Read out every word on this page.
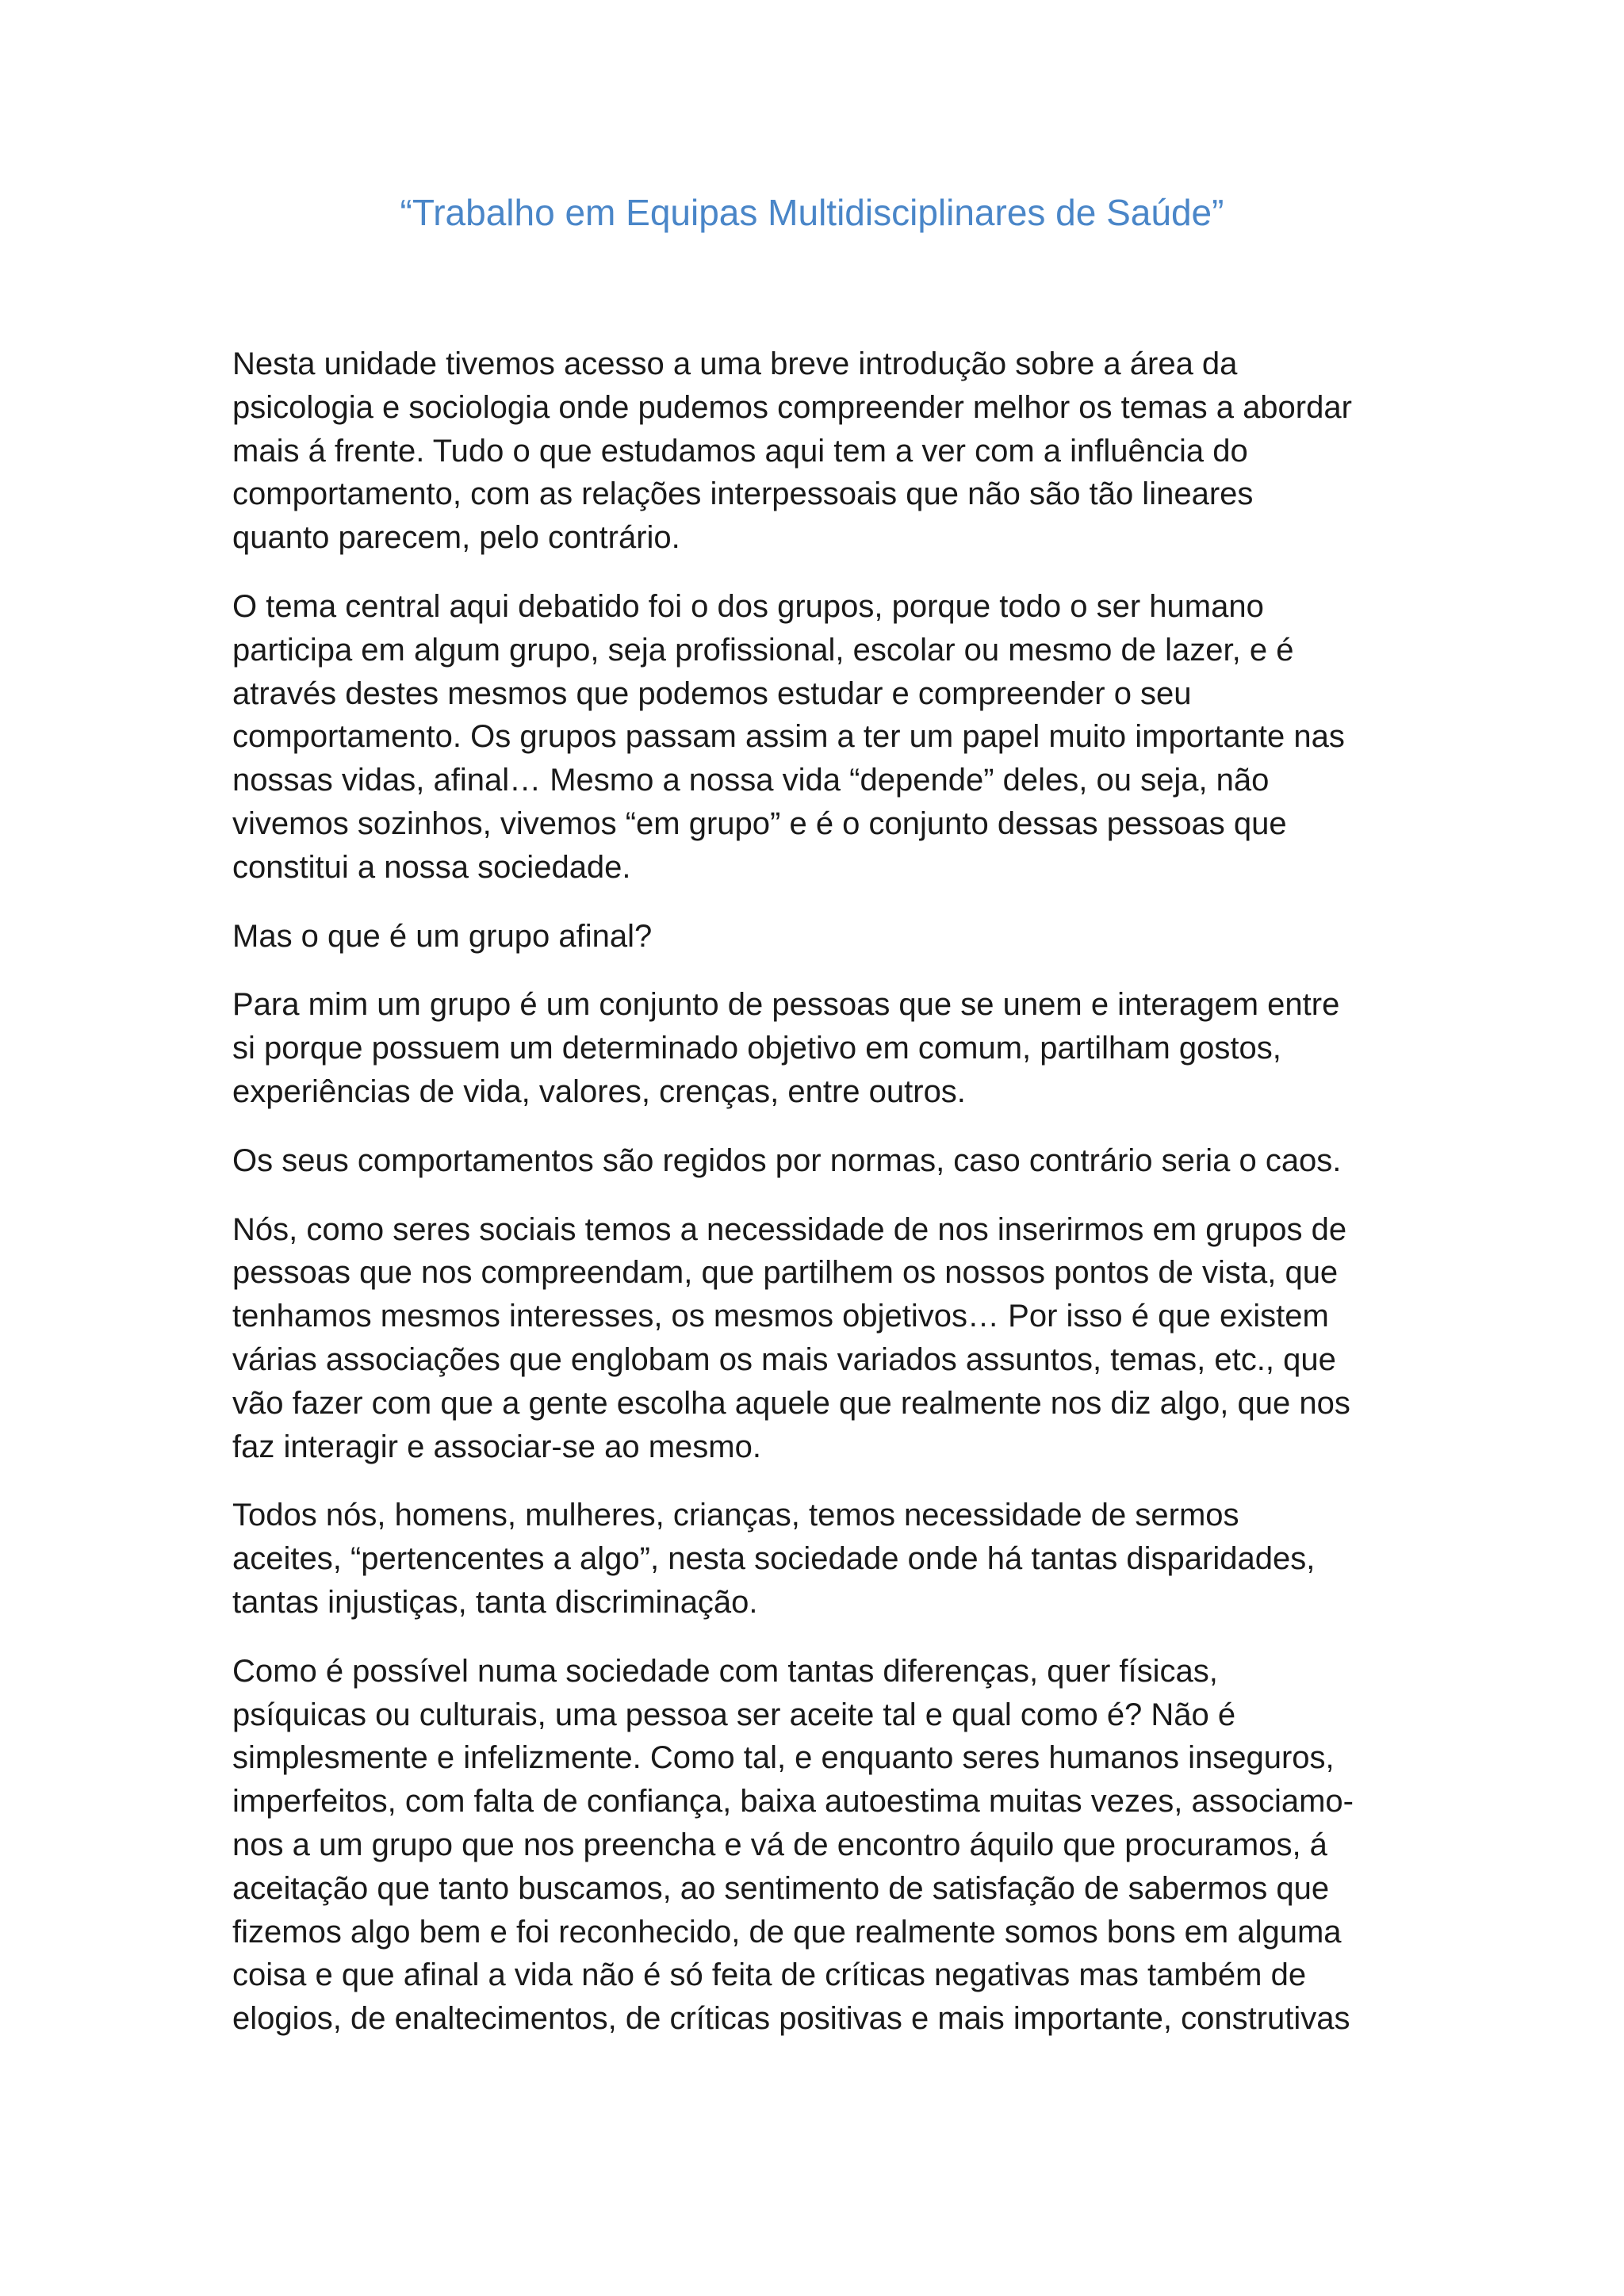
“Trabalho em Equipas Multidisciplinares de Saúde”
Nesta unidade tivemos acesso a uma breve introdução sobre a área da
psicologia e sociologia onde pudemos compreender melhor os temas a abordar
mais á frente. Tudo o que estudamos aqui tem a ver com a influência do
comportamento, com as relações interpessoais que não são tão lineares
quanto parecem, pelo contrário.
O tema central aqui debatido foi o dos grupos, porque todo o ser humano
participa em algum grupo, seja profissional, escolar ou mesmo de lazer, e é
através destes mesmos que podemos estudar e compreender o seu
comportamento. Os grupos passam assim a ter um papel muito importante nas
nossas vidas, afinal… Mesmo a nossa vida “depende” deles, ou seja, não
vivemos sozinhos, vivemos “em grupo” e é o conjunto dessas pessoas que
constitui a nossa sociedade.
Mas o que é um grupo afinal?
Para mim um grupo é um conjunto de pessoas que se unem e interagem entre
si porque possuem um determinado objetivo em comum, partilham gostos,
experiências de vida, valores, crenças, entre outros.
Os seus comportamentos são regidos por normas, caso contrário seria o caos.
Nós, como seres sociais temos a necessidade de nos inserirmos em grupos de
pessoas que nos compreendam, que partilhem os nossos pontos de vista, que
tenhamos mesmos interesses, os mesmos objetivos… Por isso é que existem
várias associações que englobam os mais variados assuntos, temas, etc., que
vão fazer com que a gente escolha aquele que realmente nos diz algo, que nos
faz interagir e associar-se ao mesmo.
Todos nós, homens, mulheres, crianças, temos necessidade de sermos
aceites, “pertencentes a algo”, nesta sociedade onde há tantas disparidades,
tantas injustiças, tanta discriminação.
Como é possível numa sociedade com tantas diferenças, quer físicas,
psíquicas ou culturais, uma pessoa ser aceite tal e qual como é? Não é
simplesmente e infelizmente. Como tal, e enquanto seres humanos inseguros,
imperfeitos, com falta de confiança, baixa autoestima muitas vezes, associamo-
nos a um grupo que nos preencha e vá de encontro áquilo que procuramos, á
aceitação que tanto buscamos, ao sentimento de satisfação de sabermos que
fizemos algo bem e foi reconhecido, de que realmente somos bons em alguma
coisa e que afinal a vida não é só feita de críticas negativas mas também de
elogios, de enaltecimentos, de críticas positivas e mais importante, construtivas
